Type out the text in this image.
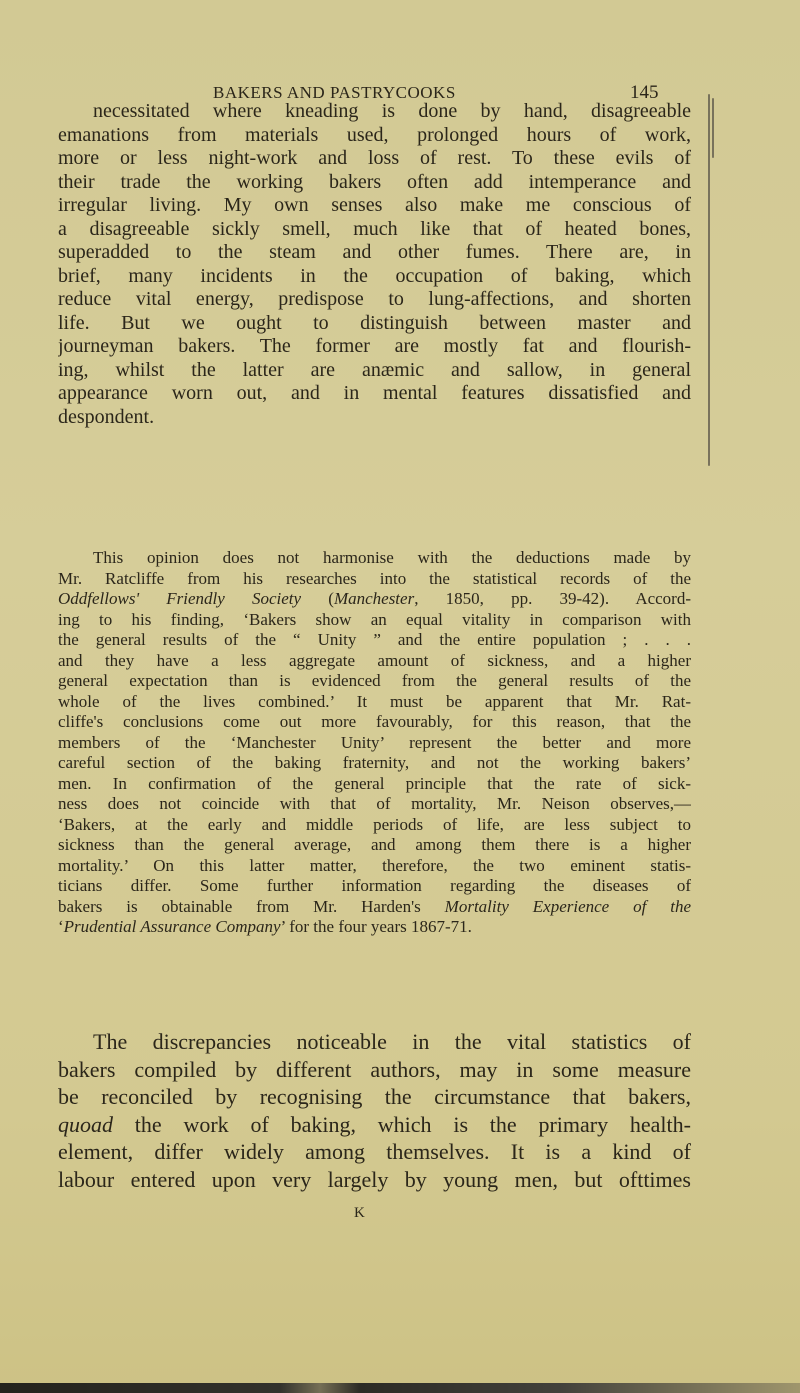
BAKERS AND PASTRYCOOKS	145
necessitated where kneading is done by hand, disagreeable
emanations from materials used, prolonged hours of work,
more or less night-work and loss of rest. To these evils of
their trade the working bakers often add intemperance and
irregular living. My own senses also make me conscious of
a disagreeable sickly smell, much like that of heated bones,
superadded to the steam and other fumes. There are, in
brief, many incidents in the occupation of baking, which
reduce vital energy, predispose to lung-affections, and shorten
life. But we ought to distinguish between master and
journeyman bakers. The former are mostly fat and flourish-
ing, whilst the latter are anæmic and sallow, in general
appearance worn out, and in mental features dissatisfied and
despondent.
This opinion does not harmonise with the deductions made by
Mr. Ratcliffe from his researches into the statistical records of the
Oddfellows' Friendly Society (Manchester, 1850, pp. 39-42). Accord-
ing to his finding, ‘Bakers show an equal vitality in comparison with
the general results of the “ Unity ” and the entire population ; . . .
and they have a less aggregate amount of sickness, and a higher
general expectation than is evidenced from the general results of the
whole of the lives combined.’ It must be apparent that Mr. Rat-
cliffe's conclusions come out more favourably, for this reason, that the
members of the ‘Manchester Unity’ represent the better and more
careful section of the baking fraternity, and not the working bakers’
men. In confirmation of the general principle that the rate of sick-
ness does not coincide with that of mortality, Mr. Neison observes,—
‘Bakers, at the early and middle periods of life, are less subject to
sickness than the general average, and among them there is a higher
mortality.’ On this latter matter, therefore, the two eminent statis-
ticians differ. Some further information regarding the diseases of
bakers is obtainable from Mr. Harden's Mortality Experience of the
‘Prudential Assurance Company’ for the four years 1867-71.
The discrepancies noticeable in the vital statistics of
bakers compiled by different authors, may in some measure
be reconciled by recognising the circumstance that bakers,
quoad the work of baking, which is the primary health-
element, differ widely among themselves. It is a kind of
labour entered upon very largely by young men, but ofttimes
K
